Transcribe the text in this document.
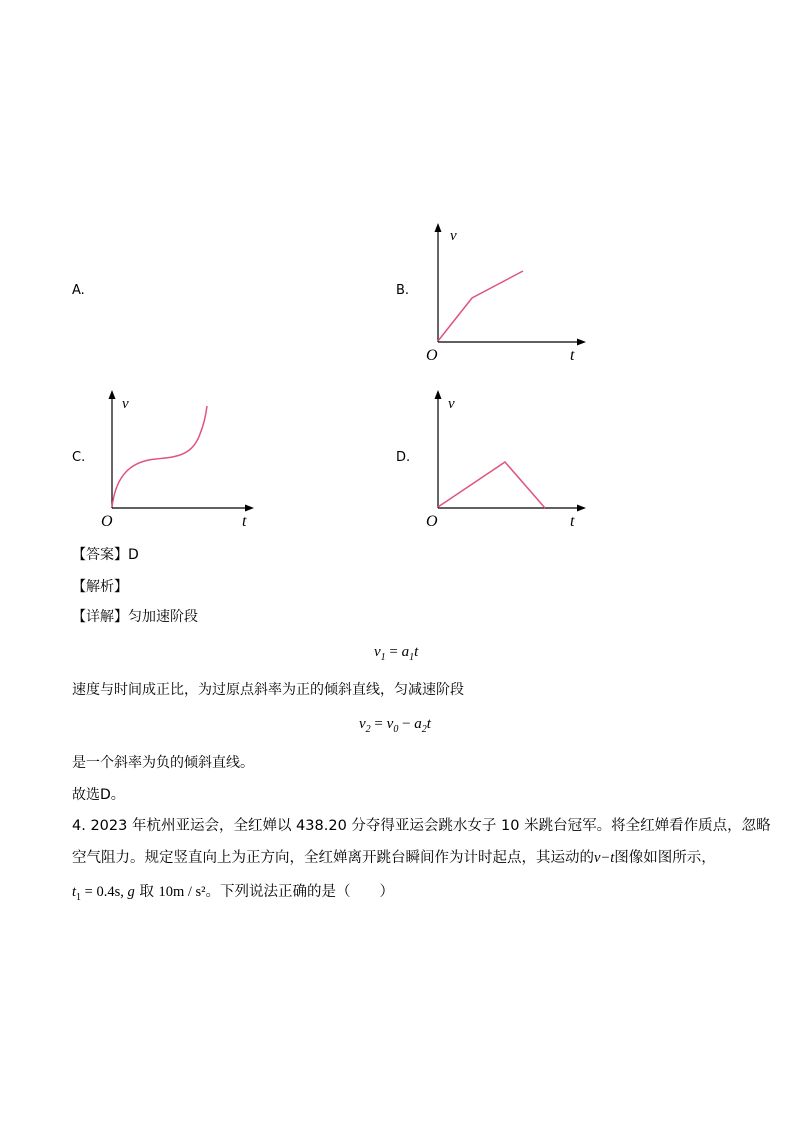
A.	B.
C.	D.
v
t
O
v
t
O
v
t
O
【答案】D
【解析】
【详解】匀加速阶段
$v_1 = a_1t$
速度与时间成正比，为过原点斜率为正的倾斜直线，匀减速阶段
$v_2 = v_0 - a_2t$
是一个斜率为负的倾斜直线。
故选D。
4. 2023 年杭州亚运会，全红婵以 438.20 分夺得亚运会跳水女子 10 米跳台冠军。将全红婵看作质点，忽略
空气阻力。规定竖直向上为正方向，全红婵离开跳台瞬间作为计时起点，其运动的v−t图像如图所示，
$t_1 = 0.4s$, g 取 10m / s²。下列说法正确的是（　　）
